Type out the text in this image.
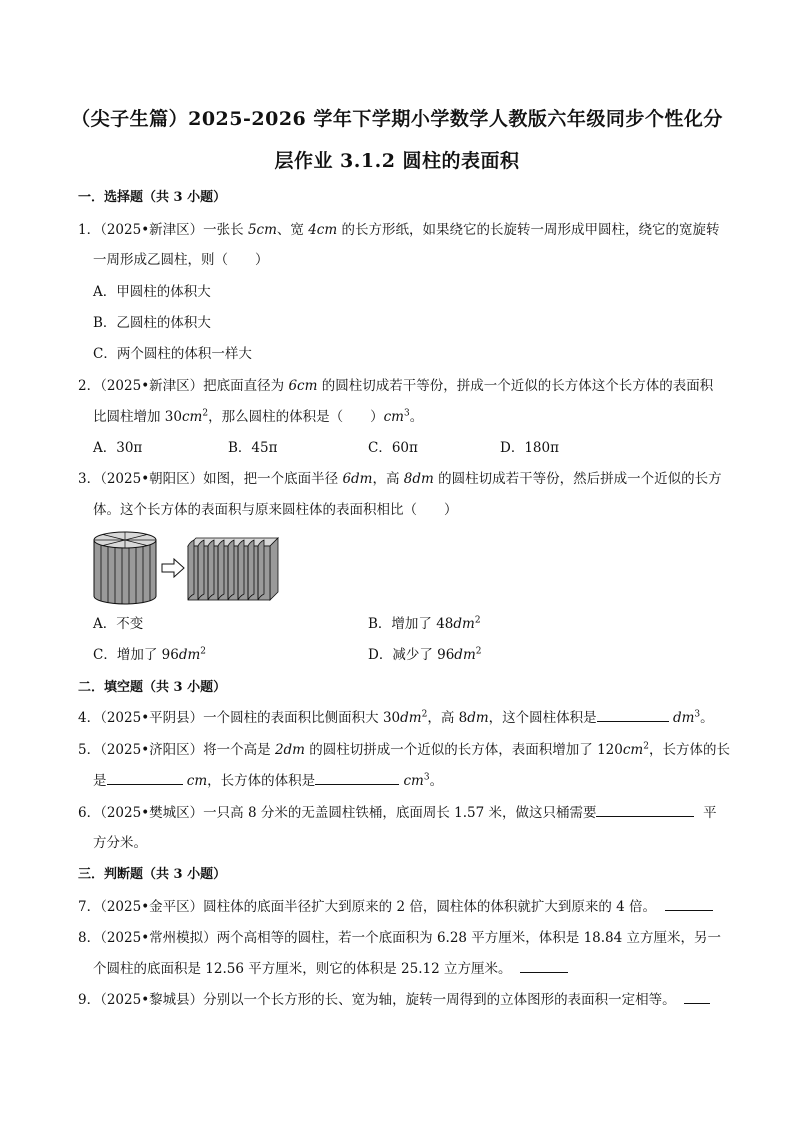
（尖子生篇）2025-2026 学年下学期小学数学人教版六年级同步个性化分
层作业 3.1.2 圆柱的表面积
一．选择题（共 3 小题）
1．（2025•新津区）一张长 5cm、宽 4cm 的长方形纸，如果绕它的长旋转一周形成甲圆柱，绕它的宽旋转
一周形成乙圆柱，则（　　）
A．甲圆柱的体积大
B．乙圆柱的体积大
C．两个圆柱的体积一样大
2．（2025•新津区）把底面直径为 6cm 的圆柱切成若干等份，拼成一个近似的长方体这个长方体的表面积
比圆柱增加 $30cm^2$，那么圆柱的体积是（　　）$cm^3$。
A．30π	B．45π	C．60π	D．180π
3．（2025•朝阳区）如图，把一个底面半径 6dm，高 8dm 的圆柱切成若干等份，然后拼成一个近似的长方
体。这个长方体的表面积与原来圆柱体的表面积相比（　　）
A．不变	B．增加了 $48dm^2$
C．增加了 $96dm^2$	D．减少了 $96dm^2$
二．填空题（共 3 小题）
4．（2025•平阴县）一个圆柱的表面积比侧面积大 $30dm^2$，高 8dm，这个圆柱体积是	$dm^3$。
5．（2025•济阳区）将一个高是 2dm 的圆柱切拼成一个近似的长方体，表面积增加了 $120cm^2$，长方体的长
是	cm，长方体的体积是	$cm^3$。
6．（2025•樊城区）一只高 8 分米的无盖圆柱铁桶，底面周长 1.57 米，做这只桶需要	平
方分米。
三．判断题（共 3 小题）
7．（2025•金平区）圆柱体的底面半径扩大到原来的 2 倍，圆柱体的体积就扩大到原来的 4 倍。
8．（2025•常州模拟）两个高相等的圆柱，若一个底面积为 6.28 平方厘米，体积是 18.84 立方厘米，另一
个圆柱的底面积是 12.56 平方厘米，则它的体积是 25.12 立方厘米。
9．（2025•黎城县）分别以一个长方形的长、宽为轴，旋转一周得到的立体图形的表面积一定相等。
